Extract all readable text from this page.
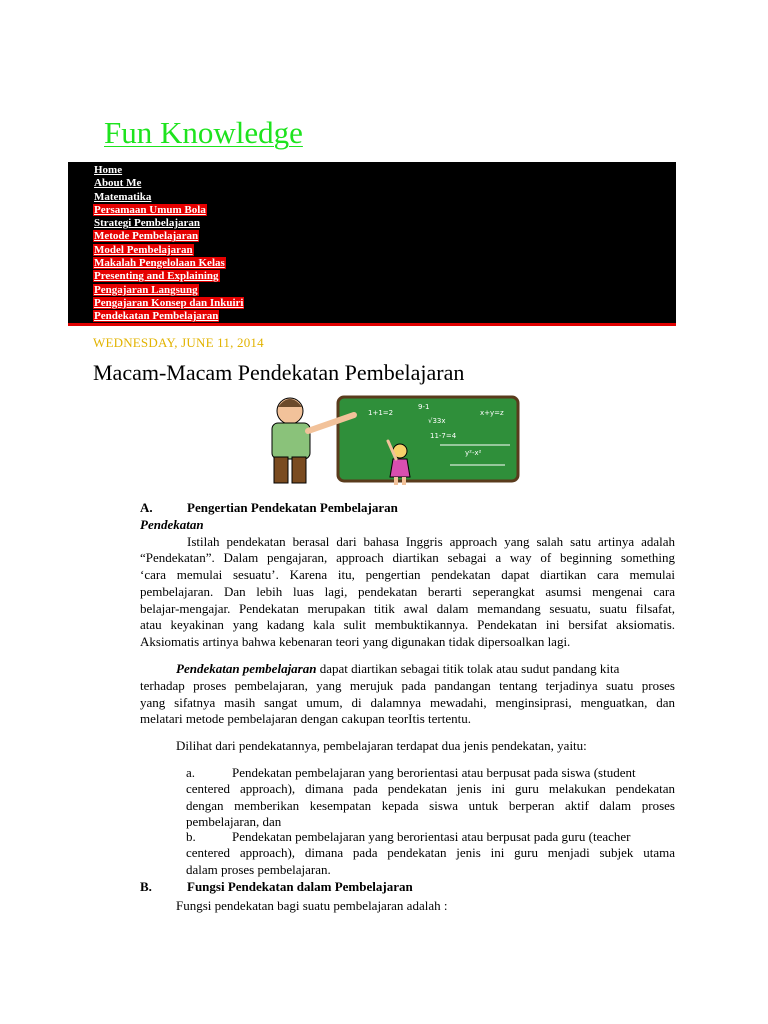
Fun Knowledge
Home
About Me
Matematika
Persamaan Umum Bola
Strategi Pembelajaran
Metode Pembelajaran
Model Pembelajaran
Makalah Pengelolaan Kelas
Presenting and Explaining
Pengajaran Langsung
Pengajaran Konsep dan Inkuiri
Pendekatan Pembelajaran
WEDNESDAY, JUNE 11, 2014
Macam-Macam Pendekatan Pembelajaran
1+1=2
9-1
√33x
x+y=z
11-7=4
y²-x²
A.	Pengertian Pendekatan Pembelajaran
Pendekatan
Istilah pendekatan berasal dari bahasa Inggris approach yang salah satu artinya adalah
“Pendekatan”. Dalam pengajaran, approach diartikan sebagai a way of beginning something
‘cara memulai sesuatu’. Karena itu, pengertian pendekatan dapat diartikan cara memulai
pembelajaran. Dan lebih luas lagi, pendekatan berarti seperangkat asumsi mengenai cara
belajar-mengajar. Pendekatan merupakan titik awal dalam memandang sesuatu, suatu filsafat,
atau keyakinan yang kadang kala sulit membuktikannya. Pendekatan ini bersifat aksiomatis.
Aksiomatis artinya bahwa kebenaran teori yang digunakan tidak dipersoalkan lagi.
Pendekatan pembelajaran dapat diartikan sebagai titik tolak atau sudut pandang kita
terhadap proses pembelajaran, yang merujuk pada pandangan tentang terjadinya suatu proses
yang sifatnya masih sangat umum, di dalamnya mewadahi, menginsiprasi, menguatkan, dan
melatari metode pembelajaran dengan cakupan teorItis tertentu.
Dilihat dari pendekatannya, pembelajaran terdapat dua jenis pendekatan, yaitu:
a.	Pendekatan pembelajaran yang berorientasi atau berpusat pada siswa (student
centered approach), dimana pada pendekatan jenis ini guru melakukan pendekatan
dengan memberikan kesempatan kepada siswa untuk berperan aktif dalam proses
pembelajaran, dan
b.	Pendekatan pembelajaran yang berorientasi atau berpusat pada guru (teacher
centered approach), dimana pada pendekatan jenis ini guru menjadi subjek utama
dalam proses pembelajaran.
B.	Fungsi Pendekatan dalam Pembelajaran
Fungsi pendekatan bagi suatu pembelajaran adalah :
